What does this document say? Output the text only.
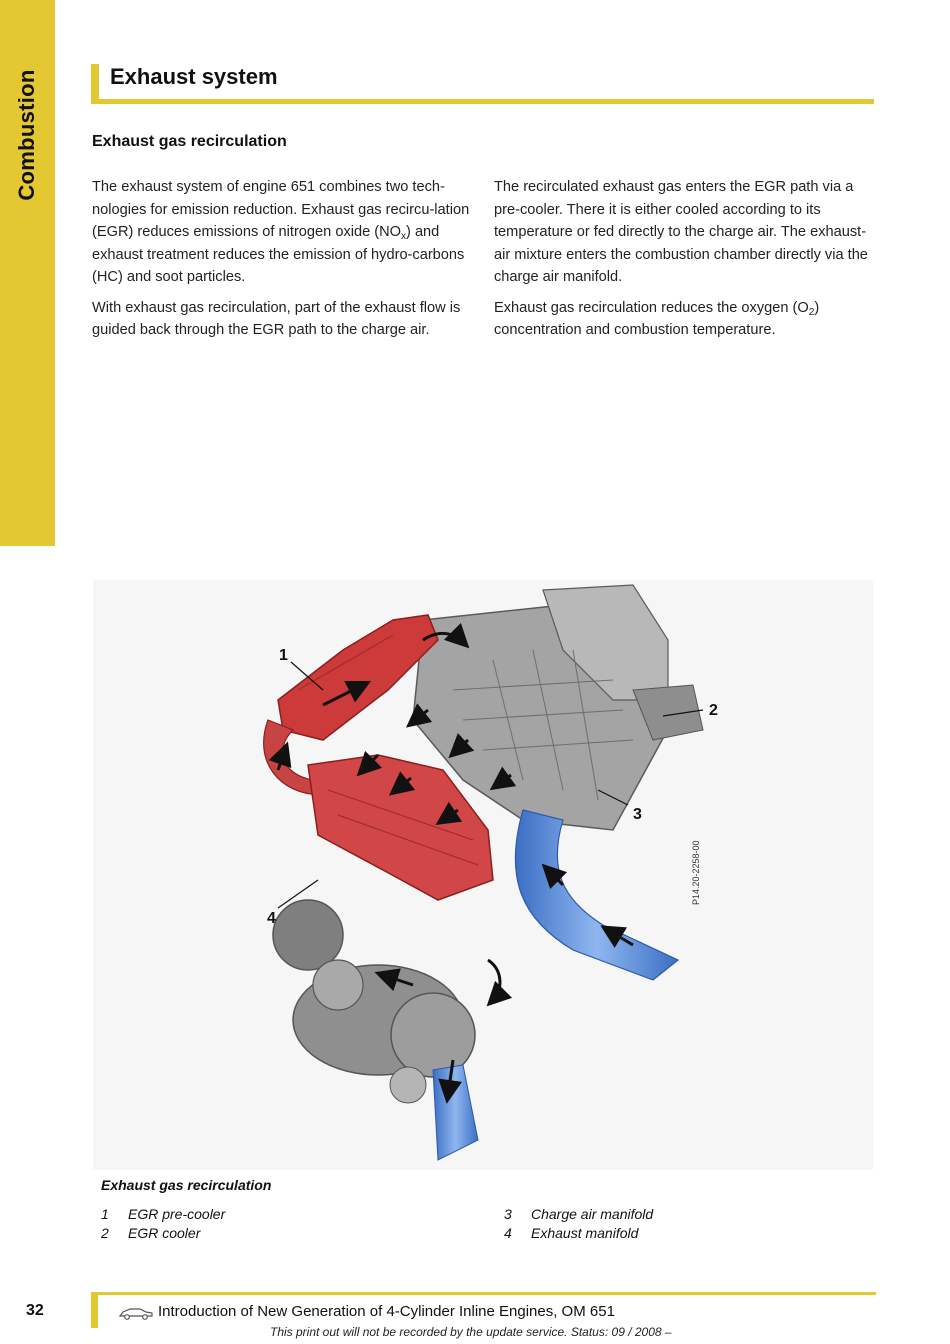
Combustion	Exhaust system
Exhaust gas recirculation

The exhaust system of engine 651 combines two tech-nologies for emission reduction. Exhaust gas recircu-lation (EGR) reduces emissions of nitrogen oxide $(NO_x)$ and exhaust treatment reduces the emission of hydro-carbons (HC) and soot particles.

With exhaust gas recirculation, part of the exhaust flow is guided back through the EGR path to the charge air.

The recirculated exhaust gas enters the EGR path via a pre-cooler. There it is either cooled according to its temperature or fed directly to the charge air. The exhaust-air mixture enters the combustion chamber directly via the charge air manifold.

Exhaust gas recirculation reduces the oxygen $(O_2)$ concentration and combustion temperature.

1
2
3
4
P14.20-2258-00
Exhaust gas recirculation
1	EGR pre-cooler
2	EGR cooler
3	Charge air manifold
4	Exhaust manifold
32	Introduction of New Generation of 4-Cylinder Inline Engines, OM 651
This print out will not be recorded by the update service. Status: 09 / 2008 –
